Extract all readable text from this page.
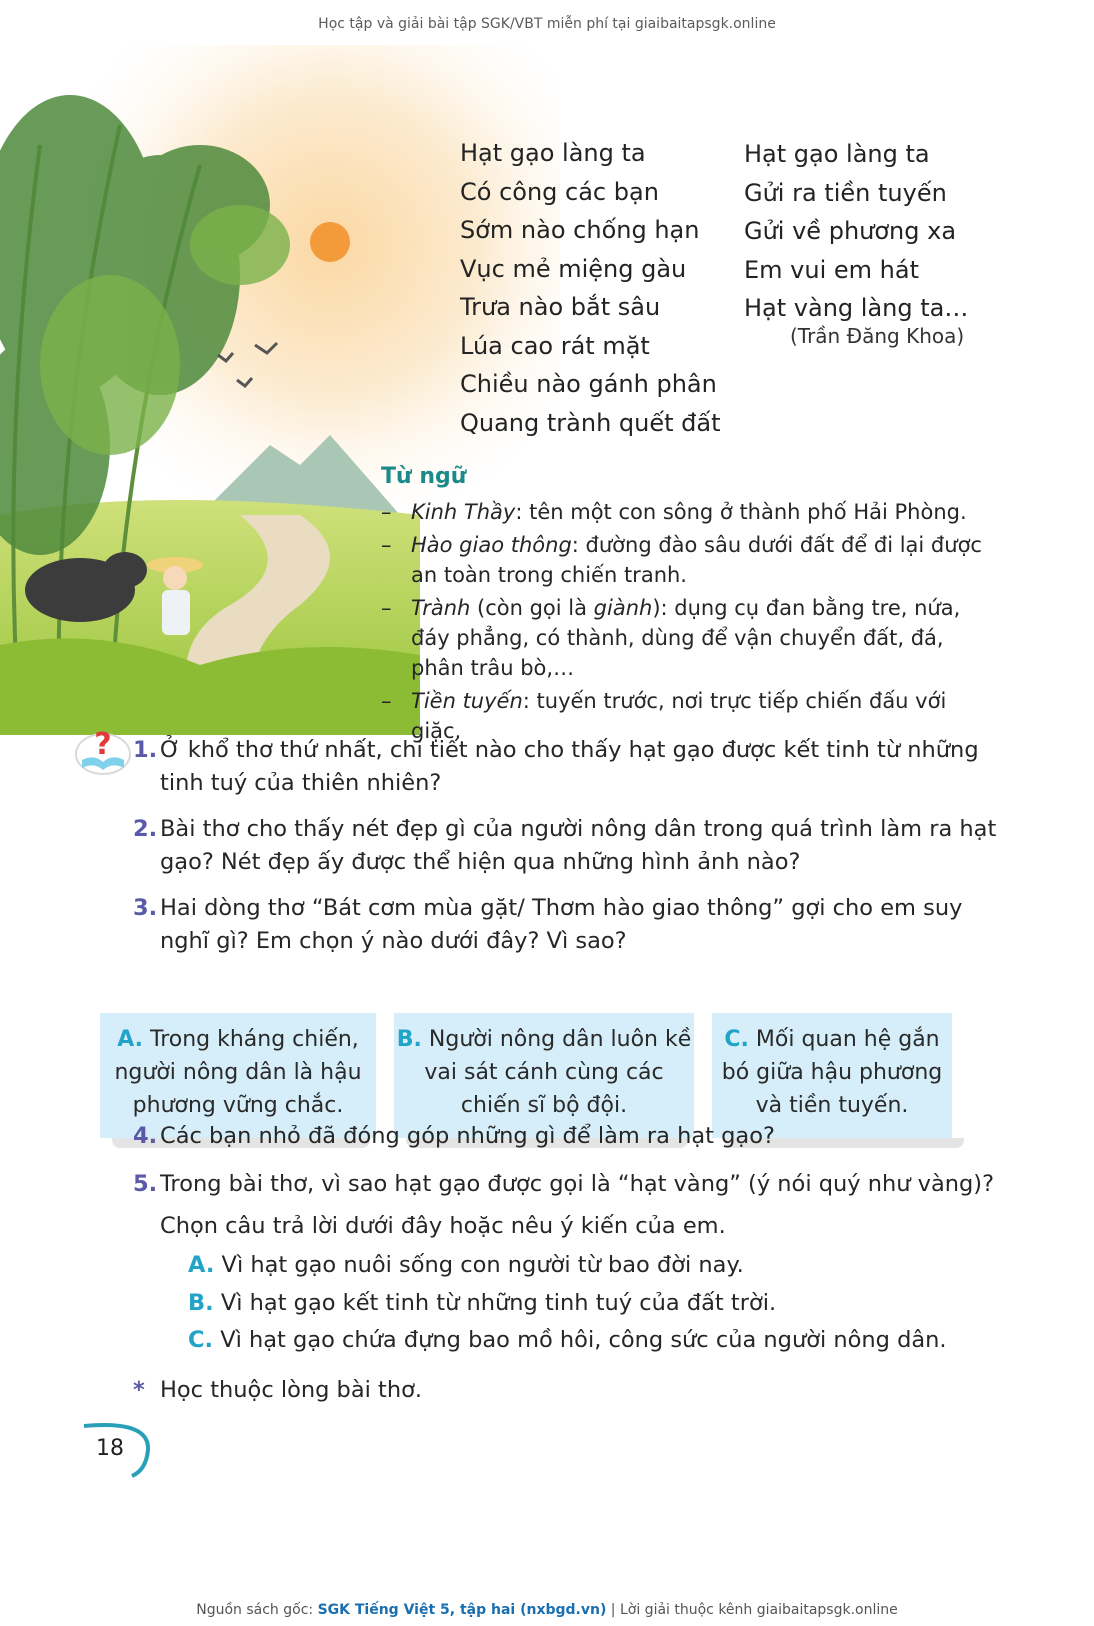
Học tập và giải bài tập SGK/VBT miễn phí tại giaibaitapsgk.online
Hạt gạo làng ta
Có công các bạn
Sớm nào chống hạn
Vục mẻ miệng gàu
Trưa nào bắt sâu
Lúa cao rát mặt
Chiều nào gánh phân
Quang trành quết đất
Hạt gạo làng ta
Gửi ra tiền tuyến
Gửi về phương xa
Em vui em hát
Hạt vàng làng ta…
(Trần Đăng Khoa)
Từ ngữ
– Kinh Thầy: tên một con sông ở thành phố Hải Phòng.
– Hào giao thông: đường đào sâu dưới đất để đi lại được an toàn trong chiến tranh.
– Trành (còn gọi là giành): dụng cụ đan bằng tre, nứa, đáy phẳng, có thành, dùng để vận chuyển đất, đá, phân trâu bò,…
– Tiền tuyến: tuyến trước, nơi trực tiếp chiến đấu với giặc.
? 1. Ở khổ thơ thứ nhất, chi tiết nào cho thấy hạt gạo được kết tinh từ những tinh tuý của thiên nhiên?
2. Bài thơ cho thấy nét đẹp gì của người nông dân trong quá trình làm ra hạt gạo? Nét đẹp ấy được thể hiện qua những hình ảnh nào?
3. Hai dòng thơ “Bát cơm mùa gặt/ Thơm hào giao thông” gợi cho em suy nghĩ gì? Em chọn ý nào dưới đây? Vì sao?
A. Trong kháng chiến, người nông dân là hậu phương vững chắc.
B. Người nông dân luôn kề vai sát cánh cùng các chiến sĩ bộ đội.
C. Mối quan hệ gắn bó giữa hậu phương và tiền tuyến.
4. Các bạn nhỏ đã đóng góp những gì để làm ra hạt gạo?
5. Trong bài thơ, vì sao hạt gạo được gọi là “hạt vàng” (ý nói quý như vàng)?
Chọn câu trả lời dưới đây hoặc nêu ý kiến của em.
A. Vì hạt gạo nuôi sống con người từ bao đời nay.
B. Vì hạt gạo kết tinh từ những tinh tuý của đất trời.
C. Vì hạt gạo chứa đựng bao mồ hôi, công sức của người nông dân.
* Học thuộc lòng bài thơ.
18
Nguồn sách gốc: SGK Tiếng Việt 5, tập hai (nxbgd.vn) | Lời giải thuộc kênh giaibaitapsgk.online
